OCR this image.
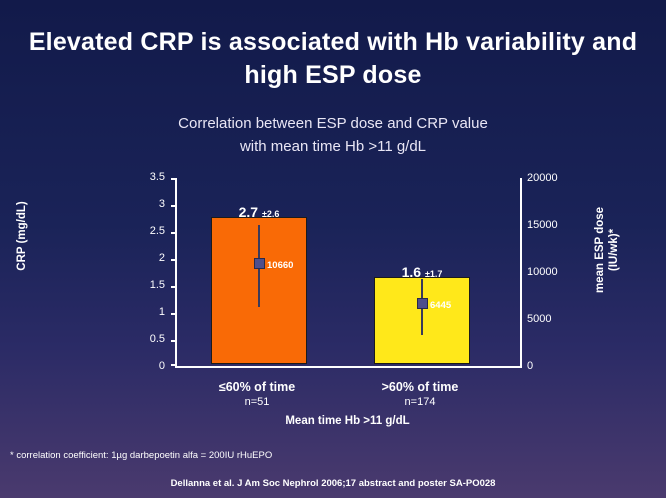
Elevated CRP is associated with Hb variability and high ESP dose
Correlation between ESP dose and CRP value
with mean time Hb >11 g/dL
CRP (mg/dL)
0
0.5
1
1.5
2
2.5
3
3.5
0
5000
10000
15000
20000
mean ESP dose (IU/wk)*
2.7 ±2.6
1.6 ±1.7
10660
6445
≤60% of time
n=51
>60% of time
n=174
Mean time Hb >11 g/dL
* correlation coefficient: 1µg darbepoetin alfa = 200IU rHuEPO
Dellanna et al. J Am Soc Nephrol 2006;17 abstract and poster SA-PO028
